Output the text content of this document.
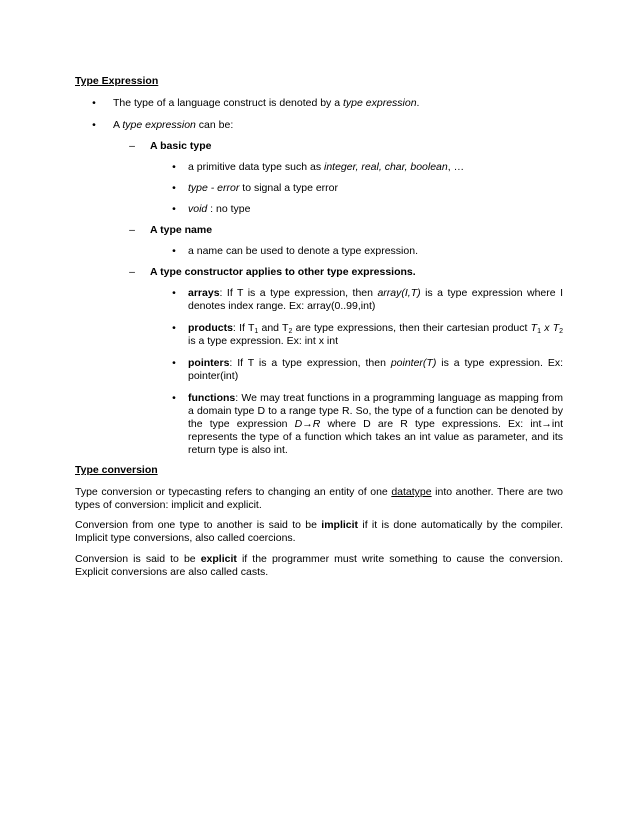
Type Expression
•	The type of a language construct is denoted by a type expression.
•	A type expression can be:
– A basic type
•	a primitive data type such as integer, real, char, boolean, …
•	type - error to signal a type error
•	void : no type
– A type name
•	a name can be used to denote a type expression.
– A type constructor applies to other type expressions.
•	arrays: If T is a type expression, then array(I,T) is a type expression where I denotes index range. Ex: array(0..99,int)
•	products: If $T_1$ and $T_2$ are type expressions, then their cartesian product $T_1$ x $T_2$ is a type expression. Ex: int x int
•	pointers: If T is a type expression, then pointer(T) is a type expression. Ex: pointer(int)
•	functions: We may treat functions in a programming language as mapping from a domain type D to a range type R. So, the type of a function can be denoted by the type expression D→R where D are R type expressions. Ex: int→int represents the type of a function which takes an int value as parameter, and its return type is also int.
Type conversion
Type conversion or typecasting refers to changing an entity of one datatype into another. There are two types of conversion: implicit and explicit.
Conversion from one type to another is said to be implicit if it is done automatically by the compiler. Implicit type conversions, also called coercions.
Conversion is said to be explicit if the programmer must write something to cause the conversion. Explicit conversions are also called casts.
